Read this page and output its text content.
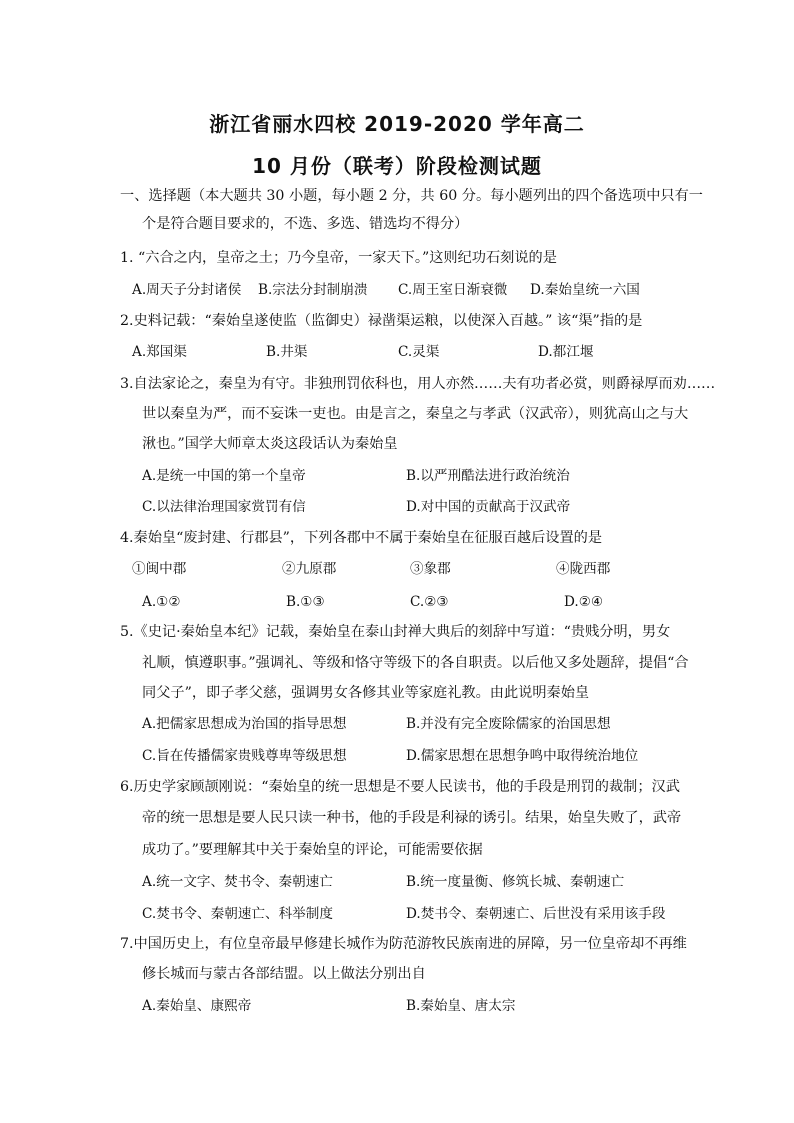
浙江省丽水四校 2019-2020 学年高二
10 月份（联考）阶段检测试题
一、选择题（本大题共 30 小题，每小题 2 分，共 60 分。每小题列出的四个备选项中只有一
个是符合题目要求的，不选、多选、错选均不得分）
1. “六合之内，皇帝之土；乃今皇帝，一家天下。”这则纪功石刻说的是
A.周天子分封诸侯 B.宗法分封制崩溃 C.周王室日渐衰微 D.秦始皇统一六国
2.史料记载：“秦始皇遂使监（监御史）禄凿渠运粮，以使深入百越。” 该“渠”指的是
A.郑国渠	B.井渠	C.灵渠	D.都江堰
3.自法家论之，秦皇为有守。非独刑罚依科也，用人亦然……夫有功者必赏，则爵禄厚而劝……
世以秦皇为严，而不妄诛一吏也。由是言之，秦皇之与孝武（汉武帝），则犹高山之与大
湫也。”国学大师章太炎这段话认为秦始皇
A.是统一中国的第一个皇帝	B.以严刑酷法进行政治统治
C.以法律治理国家赏罚有信	D.对中国的贡献高于汉武帝
4.秦始皇“废封建、行郡县”，下列各郡中不属于秦始皇在征服百越后设置的是
①闽中郡	②九原郡	③象郡	④陇西郡
A.①②	B.①③	C.②③	D.②④
5.《史记·秦始皇本纪》记载，秦始皇在泰山封禅大典后的刻辞中写道：“贵贱分明，男女
礼顺，慎遵职事。”强调礼、等级和恪守等级下的各自职责。以后他又多处题辞，提倡“合
同父子”，即子孝父慈，强调男女各修其业等家庭礼教。由此说明秦始皇
A.把儒家思想成为治国的指导思想	B.并没有完全废除儒家的治国思想
C.旨在传播儒家贵贱尊卑等级思想	D.儒家思想在思想争鸣中取得统治地位
6.历史学家顾颉刚说：“秦始皇的统一思想是不要人民读书，他的手段是刑罚的裁制；汉武
帝的统一思想是要人民只读一种书，他的手段是利禄的诱引。结果，始皇失败了，武帝
成功了。”要理解其中关于秦始皇的评论，可能需要依据
A.统一文字、焚书令、秦朝速亡	B.统一度量衡、修筑长城、秦朝速亡
C.焚书令、秦朝速亡、科举制度	D.焚书令、秦朝速亡、后世没有采用该手段
7.中国历史上，有位皇帝最早修建长城作为防范游牧民族南进的屏障，另一位皇帝却不再维
修长城而与蒙古各部结盟。以上做法分别出自
A.秦始皇、康熙帝	B.秦始皇、唐太宗
